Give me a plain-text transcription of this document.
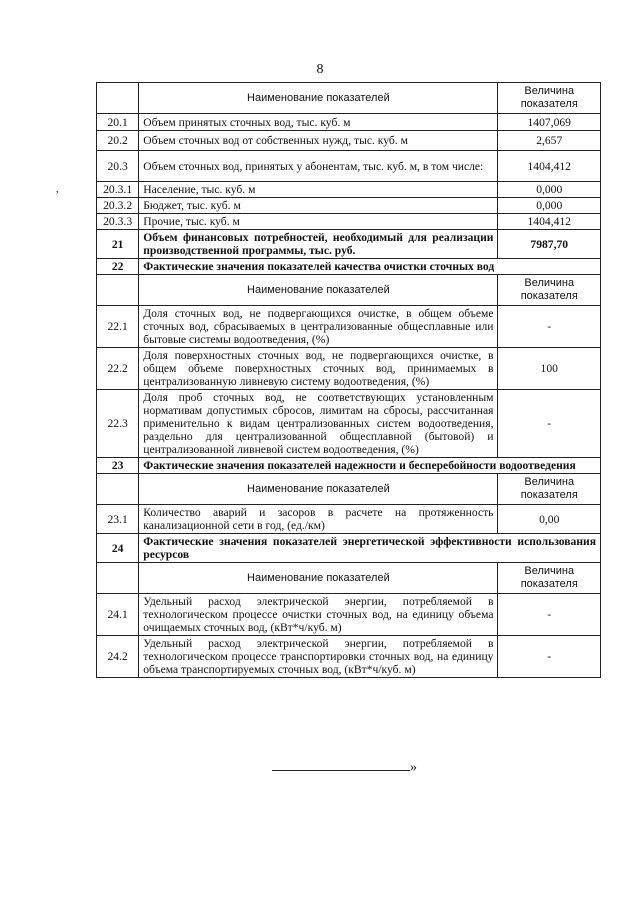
8
,
	Наименование показателей	Величина показателя
20.1	Объем принятых сточных вод, тыс. куб. м	1407,069
20.2	Объем сточных вод от собственных нужд, тыс. куб. м	2,657
20.3	Объем сточных вод, принятых у абонентам, тыс. куб. м, в том числе:	1404,412
20.3.1	Население, тыс. куб. м	0,000
20.3.2	Бюджет, тыс. куб. м	0,000
20.3.3	Прочие, тыс. куб. м	1404,412
21	Объем финансовых потребностей, необходимый для реализации производственной программы, тыс. руб.	7987,70
22	Фактические значения показателей качества очистки сточных вод	
	Наименование показателей	Величина показателя
22.1	Доля сточных вод, не подвергающихся очистке, в общем объеме сточных вод, сбрасываемых в централизованные общесплавные или бытовые системы водоотведения, (%)	-
22.2	Доля поверхностных сточных вод, не подвергающихся очистке, в общем объеме поверхностных сточных вод, принимаемых в централизованную ливневую систему водоотведения, (%)	100
22.3	Доля проб сточных вод, не соответствующих установленным нормативам допустимых сбросов, лимитам на сбросы, рассчитанная применительно к видам централизованных систем водоотведения, раздельно для централизованной общесплавной (бытовой) и централизованной ливневой систем водоотведения, (%)	-
23	Фактические значения показателей надежности и бесперебойности водоотведения	
	Наименование показателей	Величина показателя
23.1	Количество аварий и засоров в расчете на протяженность канализационной сети в год, (ед./км)	0,00
24	Фактические значения показателей энергетической эффективности использования ресурсов	
	Наименование показателей	Величина показателя
24.1	Удельный расход электрической энергии, потребляемой в технологическом процессе очистки сточных вод, на единицу объема очищаемых сточных вод, (кВт*ч/куб. м)	-
24.2	Удельный расход электрической энергии, потребляемой в технологическом процессе транспортировки сточных вод, на единицу объема транспортируемых сточных вод, (кВт*ч/куб. м)	-
»
